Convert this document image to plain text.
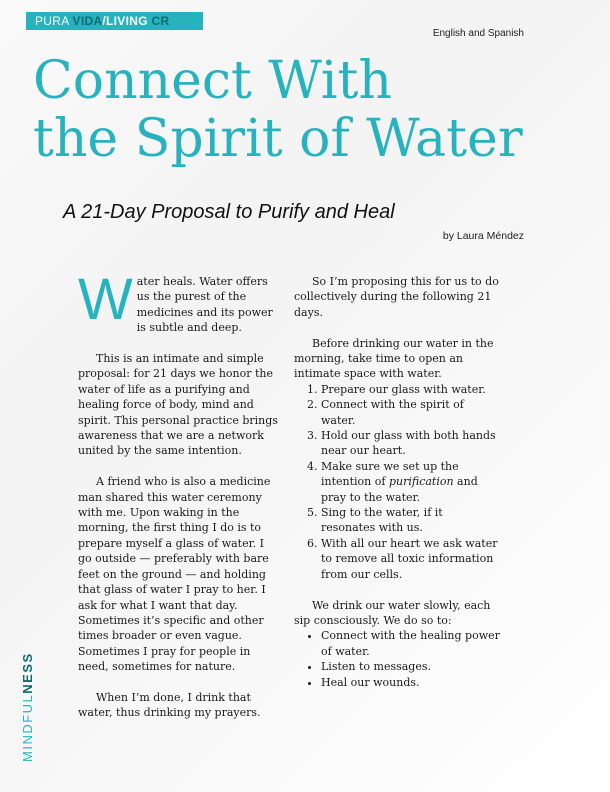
PURA VIDA/LIVING CR
English and Spanish
Connect With
the Spirit of Water
A 21-Day Proposal to Purify and Heal
by Laura Méndez

Water heals. Water offers us the purest of the medicines and its power is subtle and deep.

This is an intimate and simple proposal: for 21 days we honor the water of life as a purifying and healing force of body, mind and spirit. This personal practice brings awareness that we are a network united by the same intention.

A friend who is also a medicine man shared this water ceremony with me. Upon waking in the morning, the first thing I do is to prepare myself a glass of water. I go outside — preferably with bare feet on the ground — and holding that glass of water I pray to her. I ask for what I want that day. Sometimes it’s specific and other times broader or even vague. Sometimes I pray for people in need, sometimes for nature.

When I’m done, I drink that water, thus drinking my prayers.

So I’m proposing this for us to do collectively during the following 21 days.

Before drinking our water in the morning, take time to open an intimate space with water.

1. Prepare our glass with water.
2. Connect with the spirit of water.
3. Hold our glass with both hands near our heart.
4. Make sure we set up the intention of purification and pray to the water.
5. Sing to the water, if it resonates with us.
6. With all our heart we ask water to remove all toxic information from our cells.

We drink our water slowly, each sip consciously. We do so to:

• Connect with the healing power of water.
• Listen to messages.
• Heal our wounds.
MINDFULNESS
